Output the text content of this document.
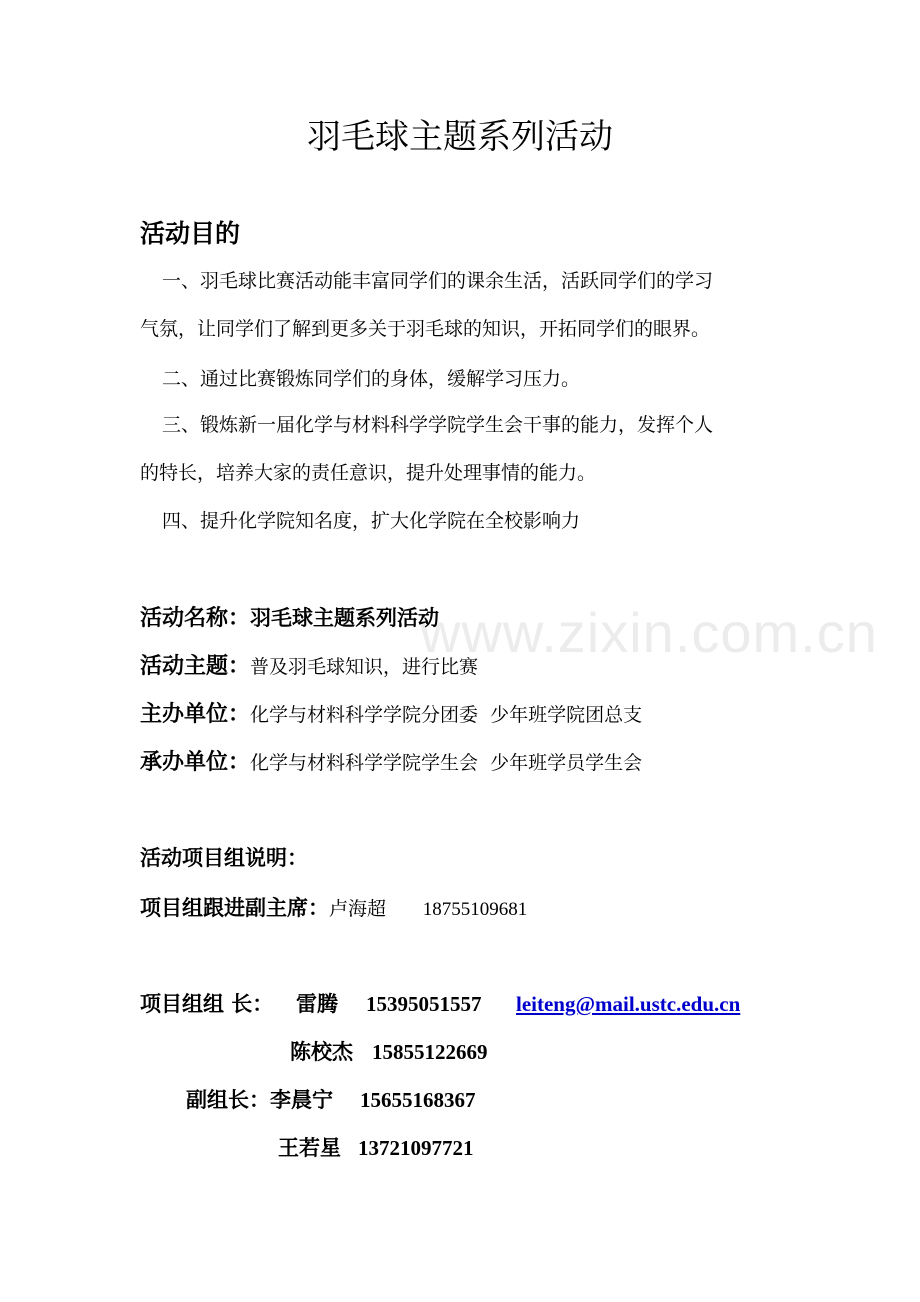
www.zixin.com.cn
羽毛球主题系列活动
活动目的
一、羽毛球比赛活动能丰富同学们的课余生活，活跃同学们的学习
气氛，让同学们了解到更多关于羽毛球的知识，开拓同学们的眼界。
二、通过比赛锻炼同学们的身体，缓解学习压力。
三、锻炼新一届化学与材料科学学院学生会干事的能力，发挥个人
的特长，培养大家的责任意识，提升处理事情的能力。
四、提升化学院知名度，扩大化学院在全校影响力
活动名称：羽毛球主题系列活动
活动主题：普及羽毛球知识，进行比赛
主办单位：化学与材料科学学院分团委  少年班学院团总支
承办单位：化学与材料科学学院学生会  少年班学员学生会
活动项目组说明：
项目组跟进副主席：卢海超 18755109681
项目组组 长： 雷腾 15395051557 leiteng@mail.ustc.edu.cn
陈校杰 15855122669
副组长：李晨宁 15655168367
王若星 13721097721
